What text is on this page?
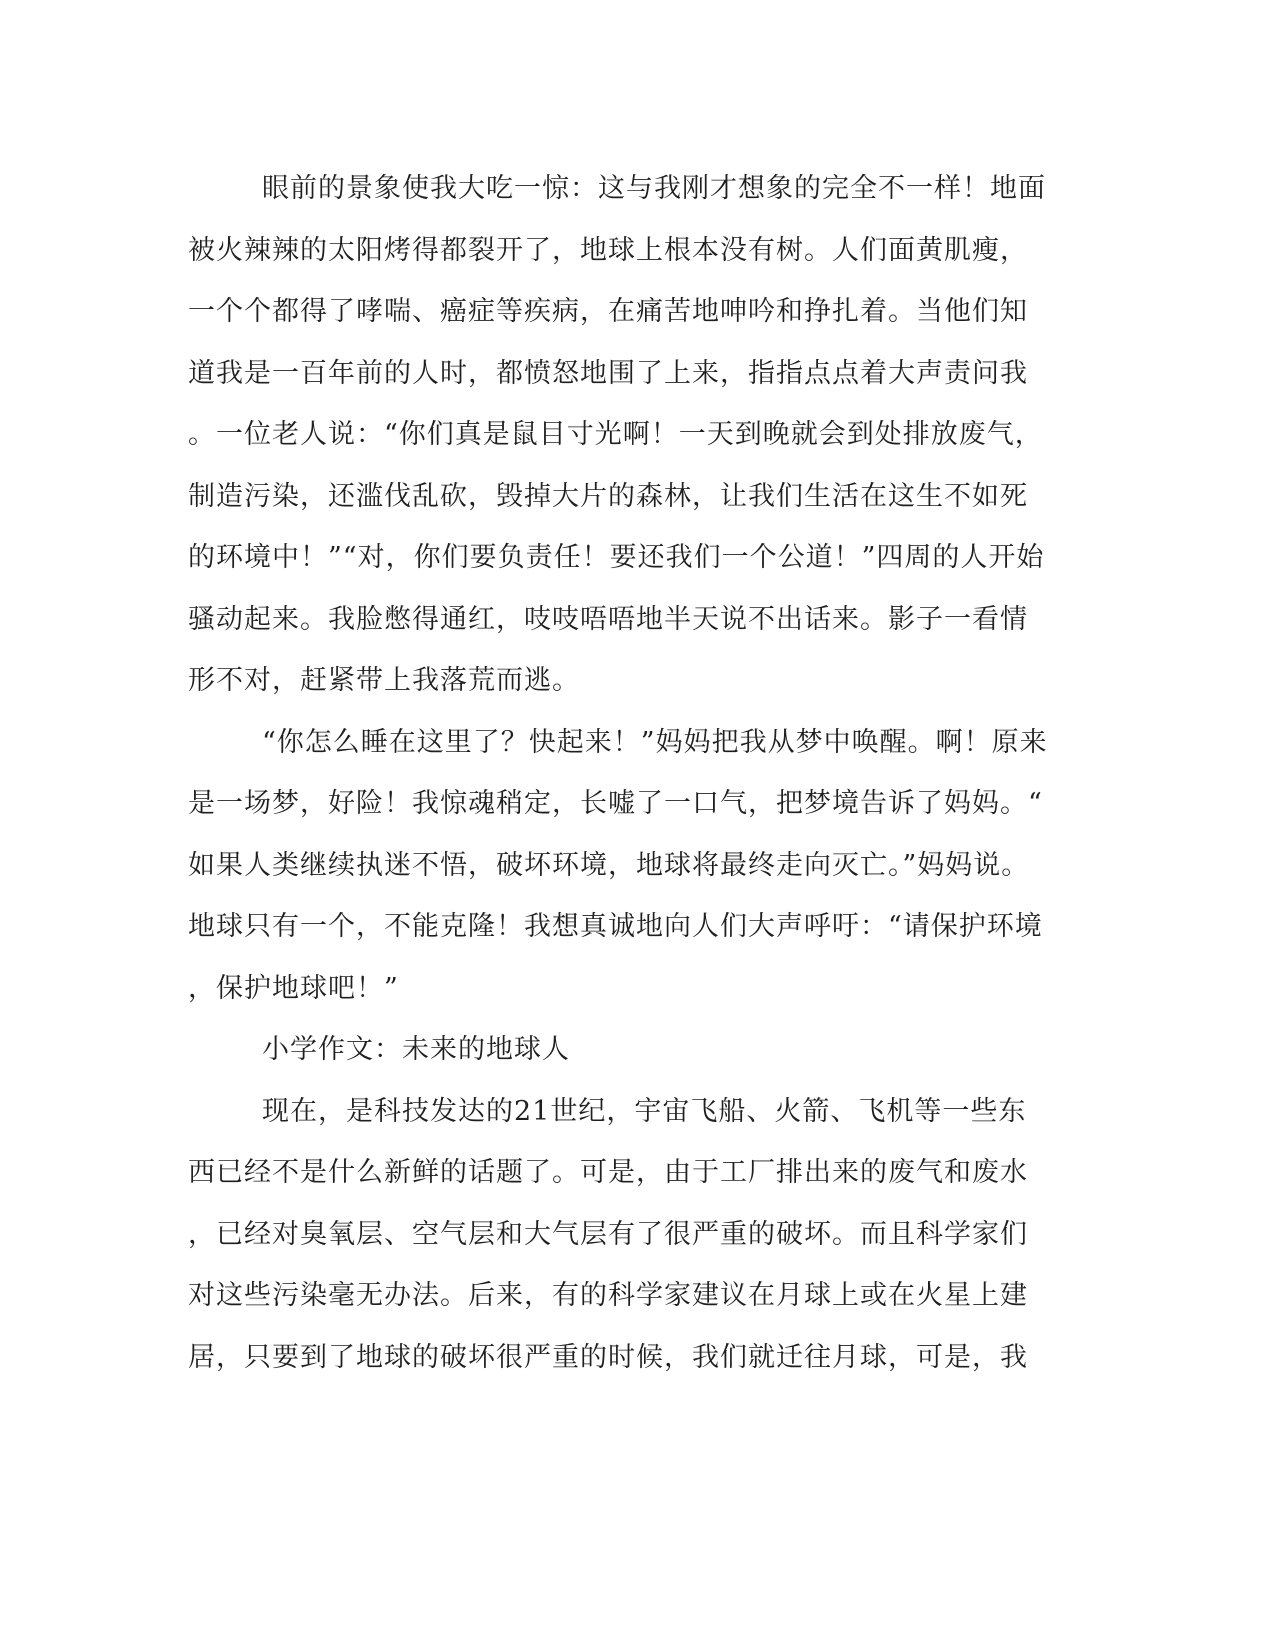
眼前的景象使我大吃一惊：这与我刚才想象的完全不一样！地面
被火辣辣的太阳烤得都裂开了，地球上根本没有树。人们面黄肌瘦，
一个个都得了哮喘、癌症等疾病，在痛苦地呻吟和挣扎着。当他们知
道我是一百年前的人时，都愤怒地围了上来，指指点点着大声责问我
。一位老人说：“你们真是鼠目寸光啊！一天到晚就会到处排放废气，
制造污染，还滥伐乱砍，毁掉大片的森林，让我们生活在这生不如死
的环境中！”“对，你们要负责任！要还我们一个公道！”四周的人开始
骚动起来。我脸憋得通红，吱吱唔唔地半天说不出话来。影子一看情
形不对，赶紧带上我落荒而逃。
“你怎么睡在这里了？快起来！”妈妈把我从梦中唤醒。啊！原来
是一场梦，好险！我惊魂稍定，长嘘了一口气，把梦境告诉了妈妈。“
如果人类继续执迷不悟，破坏环境，地球将最终走向灭亡。”妈妈说。
地球只有一个，不能克隆！我想真诚地向人们大声呼吁：“请保护环境
，保护地球吧！”
小学作文：未来的地球人
现在，是科技发达的21世纪，宇宙飞船、火箭、飞机等一些东
西已经不是什么新鲜的话题了。可是，由于工厂排出来的废气和废水
，已经对臭氧层、空气层和大气层有了很严重的破坏。而且科学家们
对这些污染毫无办法。后来，有的科学家建议在月球上或在火星上建
居，只要到了地球的破坏很严重的时候，我们就迁往月球，可是，我
